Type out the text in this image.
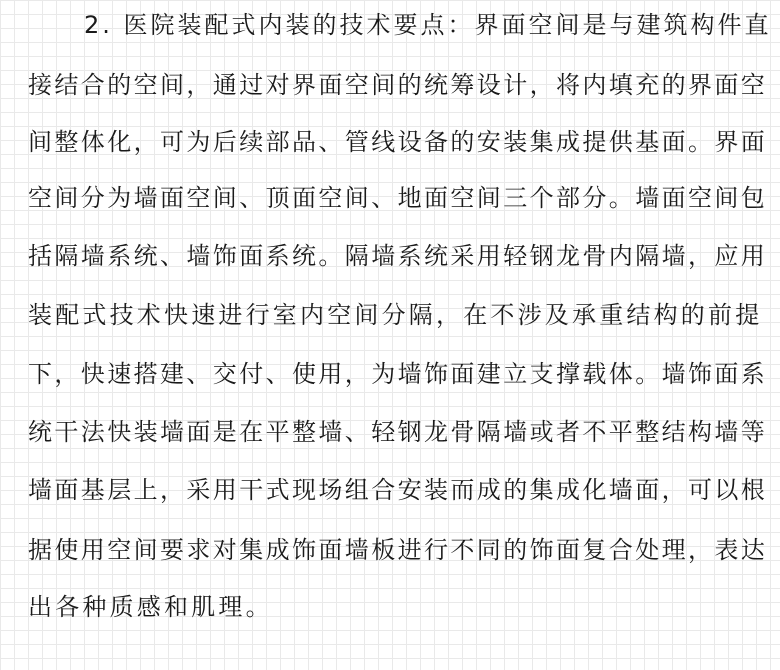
2. 医院装配式内装的技术要点：界面空间是与建筑构件直
接结合的空间，通过对界面空间的统筹设计，将内填充的界面空
间整体化，可为后续部品、管线设备的安装集成提供基面。界面
空间分为墙面空间、顶面空间、地面空间三个部分。墙面空间包
括隔墙系统、墙饰面系统。隔墙系统采用轻钢龙骨内隔墙，应用
装配式技术快速进行室内空间分隔，在不涉及承重结构的前提
下，快速搭建、交付、使用，为墙饰面建立支撑载体。墙饰面系
统干法快装墙面是在平整墙、轻钢龙骨隔墙或者不平整结构墙等
墙面基层上，采用干式现场组合安装而成的集成化墙面，可以根
据使用空间要求对集成饰面墙板进行不同的饰面复合处理，表达
出各种质感和肌理。
